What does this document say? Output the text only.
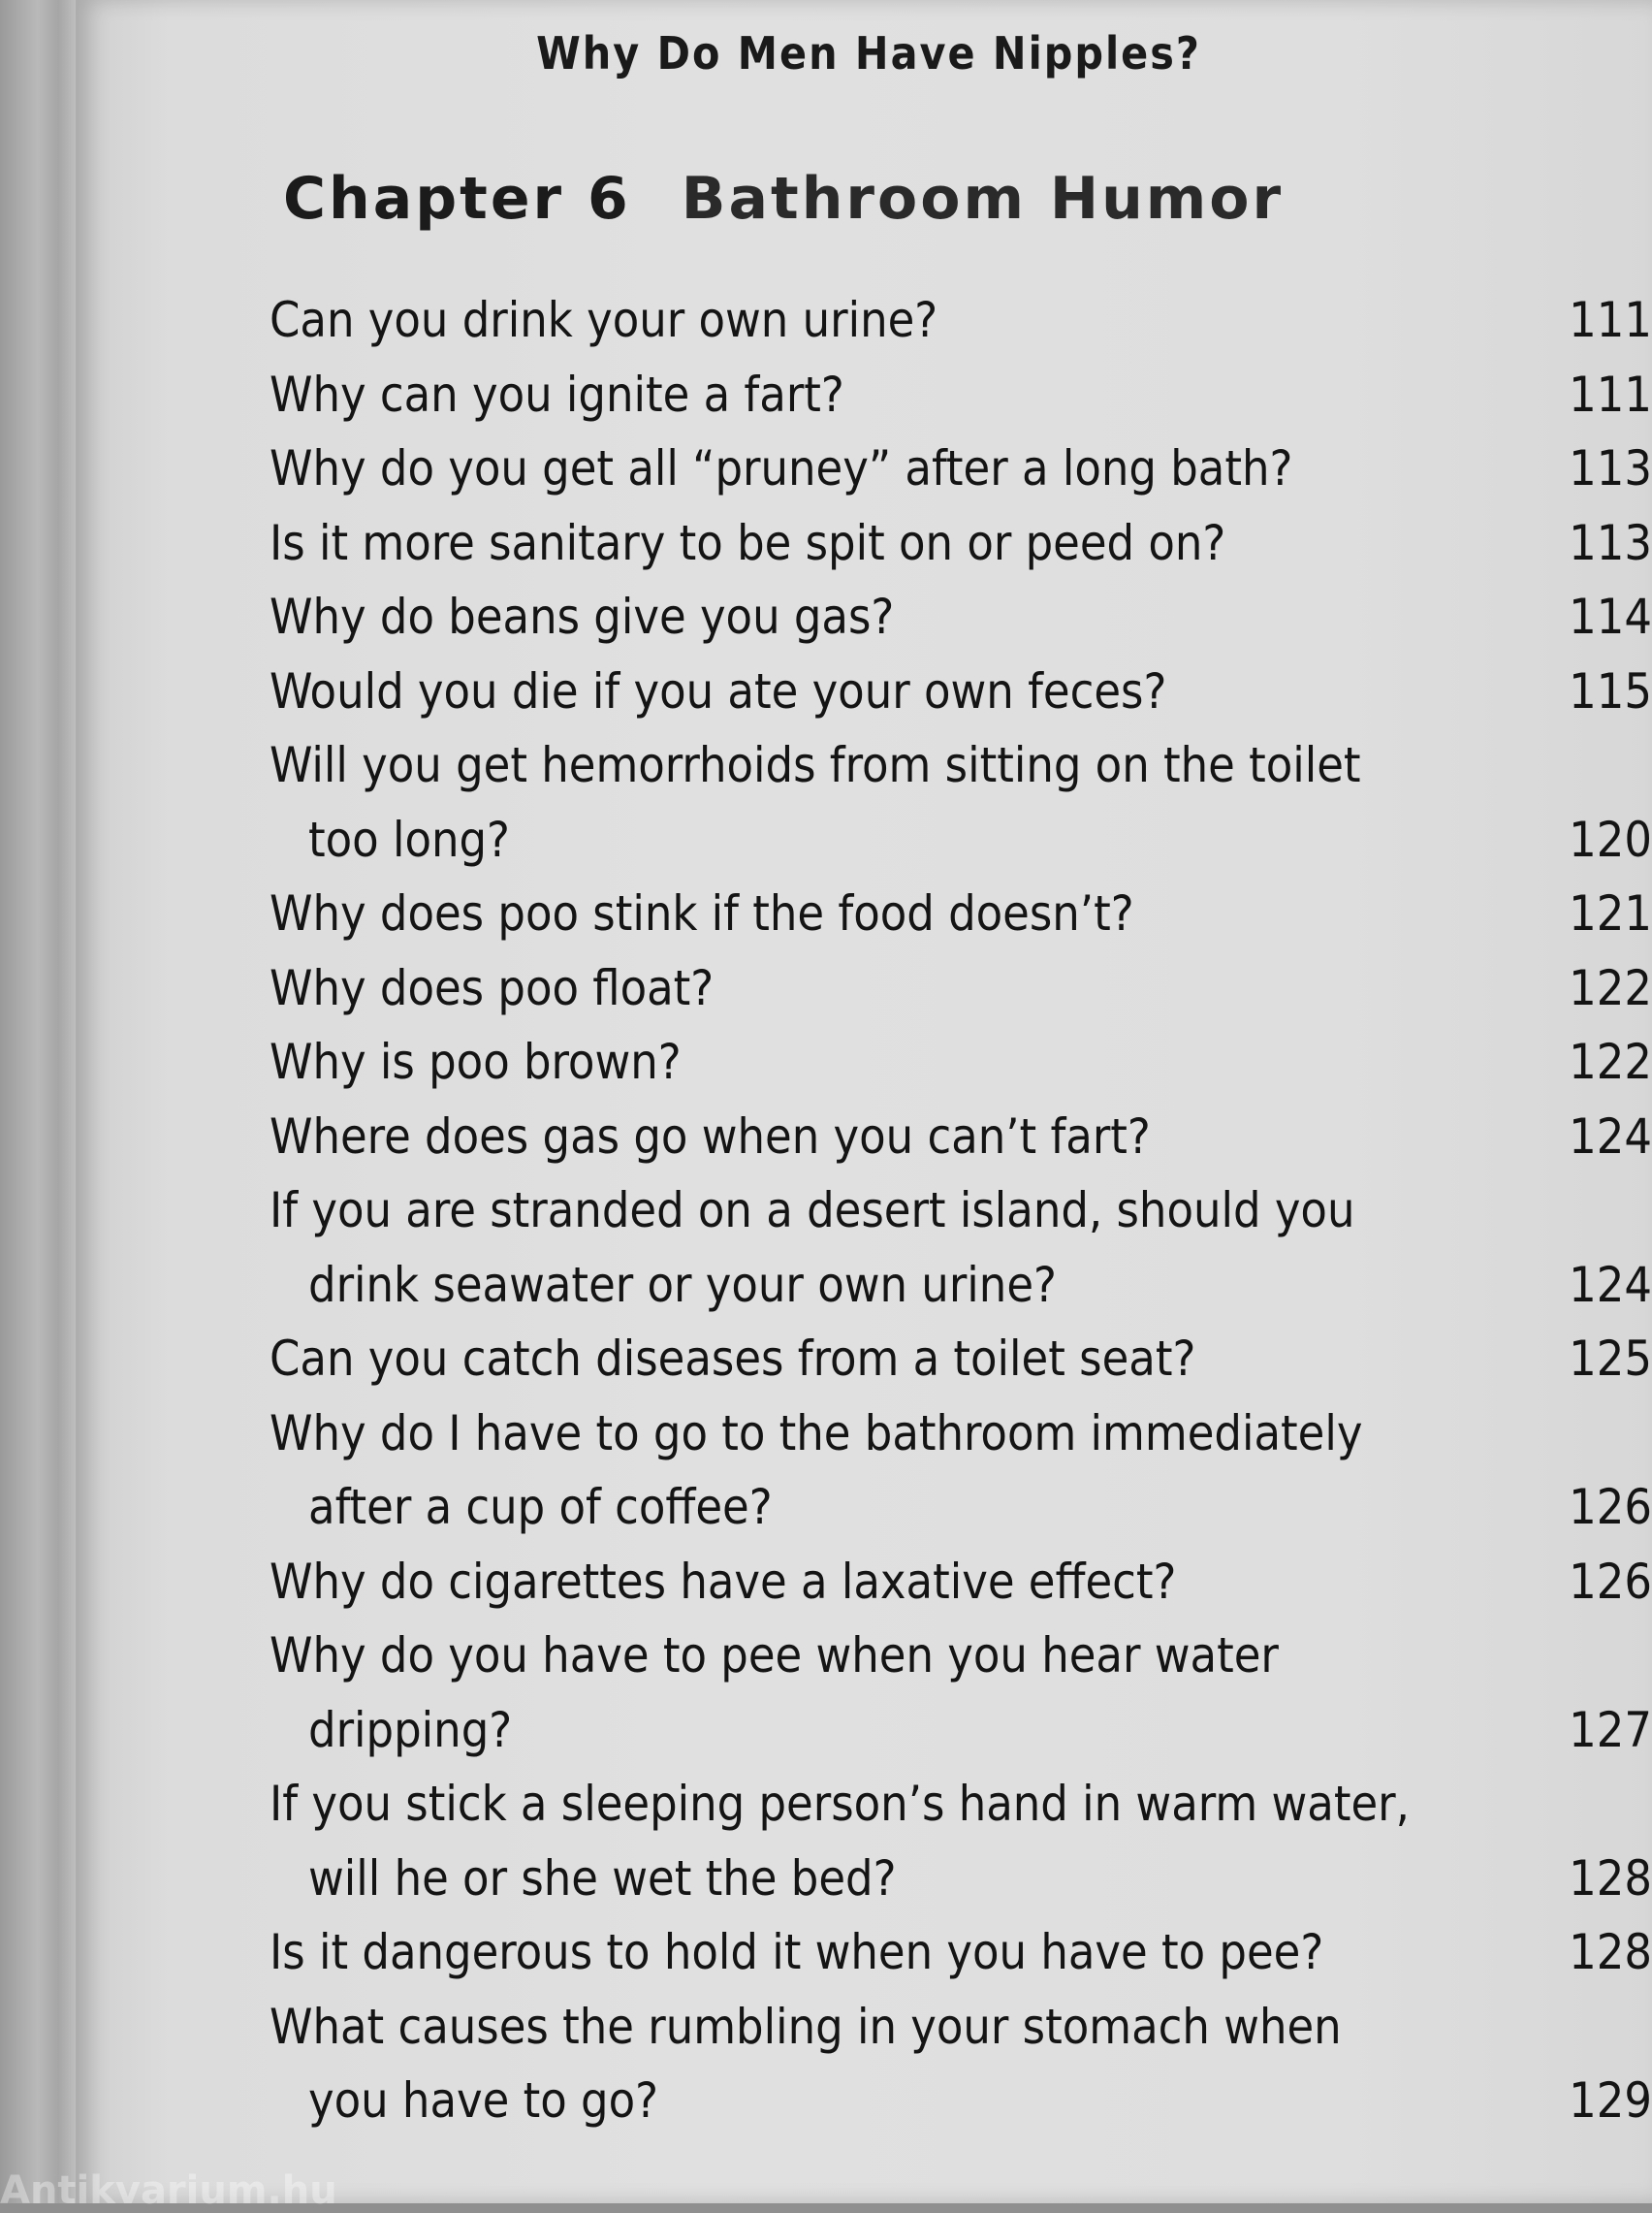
Why Do Men Have Nipples?
Chapter 6 Bathroom Humor
Can you drink your own urine?	111
Why can you ignite a fart?	111
Why do you get all “pruney” after a long bath?	113
Is it more sanitary to be spit on or peed on?	113
Why do beans give you gas?	114
Would you die if you ate your own feces?	115
Will you get hemorrhoids from sitting on the toilet
too long?	120
Why does poo stink if the food doesn’t?	121
Why does poo float?	122
Why is poo brown?	122
Where does gas go when you can’t fart?	124
If you are stranded on a desert island, should you
drink seawater or your own urine?	124
Can you catch diseases from a toilet seat?	125
Why do I have to go to the bathroom immediately
after a cup of coffee?	126
Why do cigarettes have a laxative effect?	126
Why do you have to pee when you hear water
dripping?	127
If you stick a sleeping person’s hand in warm water,
will he or she wet the bed?	128
Is it dangerous to hold it when you have to pee?	128
What causes the rumbling in your stomach when
you have to go?	129
Antikvarium.hu
